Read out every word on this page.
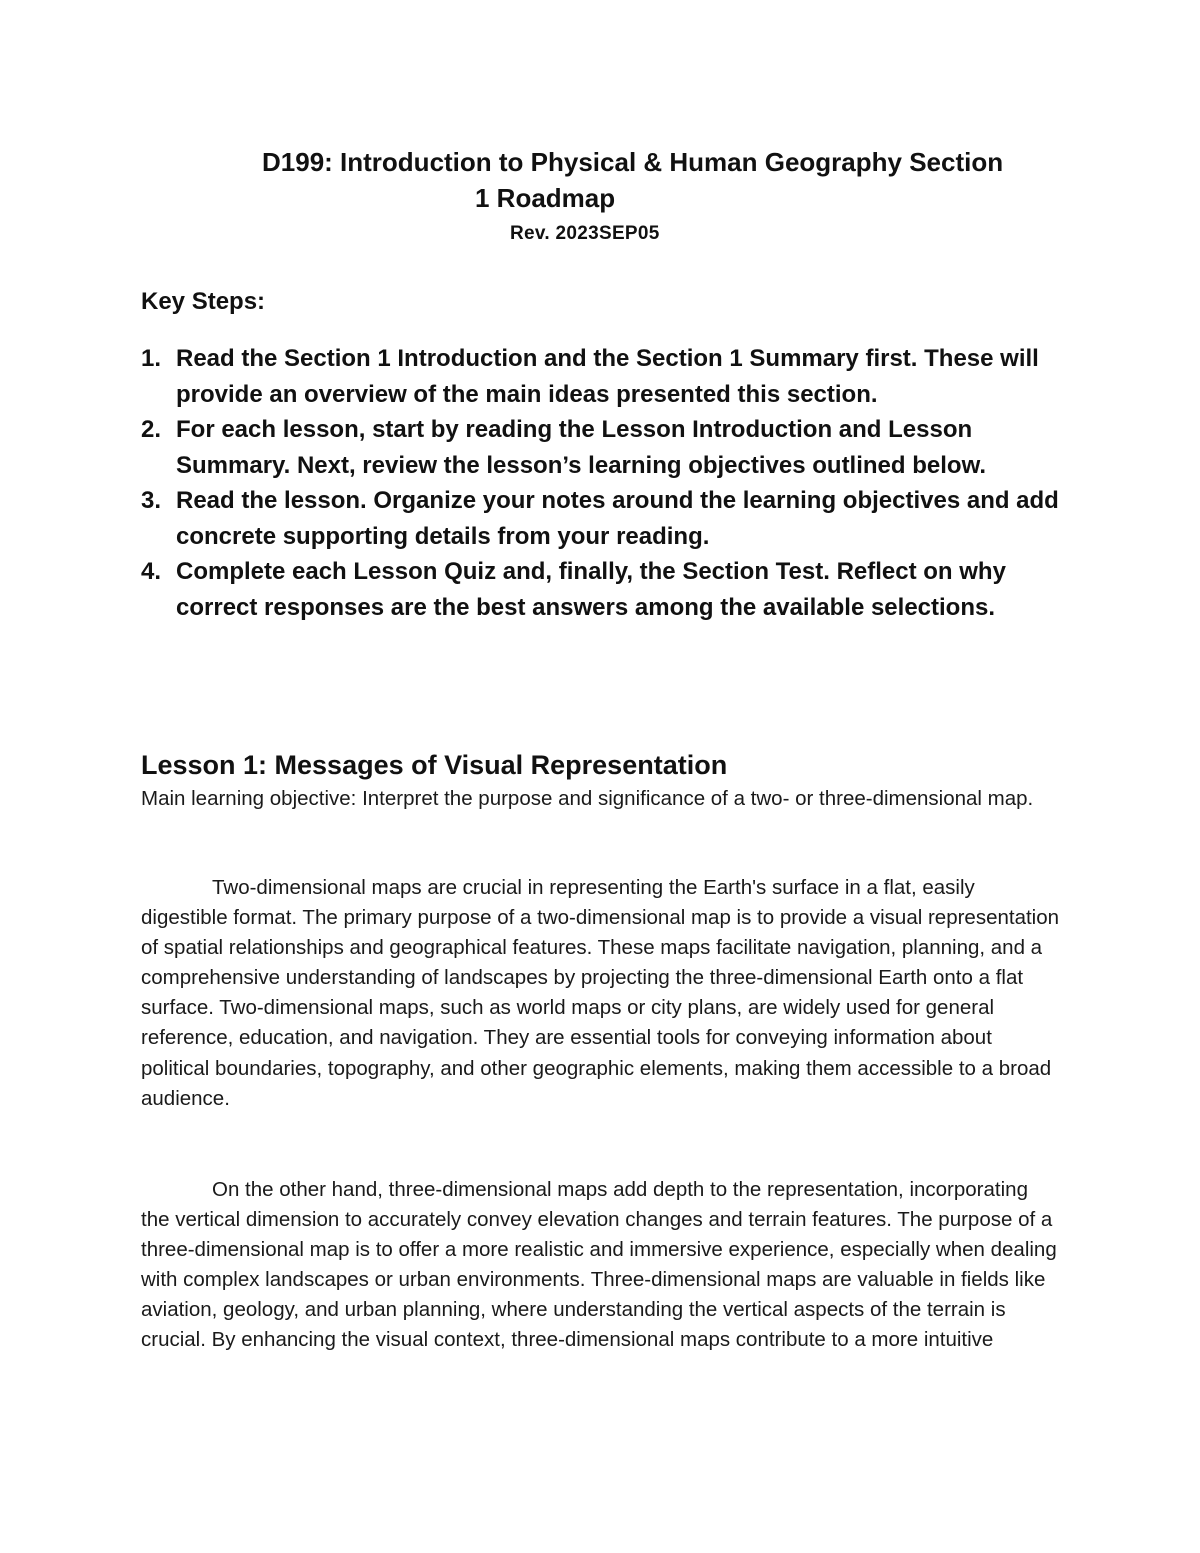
D199: Introduction to Physical & Human Geography Section
1 Roadmap
Rev. 2023SEP05
Key Steps:
1. Read the Section 1 Introduction and the Section 1 Summary first. These will provide an overview of the main ideas presented this section.
2. For each lesson, start by reading the Lesson Introduction and Lesson Summary. Next, review the lesson’s learning objectives outlined below.
3. Read the lesson. Organize your notes around the learning objectives and add concrete supporting details from your reading.
4. Complete each Lesson Quiz and, finally, the Section Test. Reflect on why correct responses are the best answers among the available selections.
Lesson 1: Messages of Visual Representation
Main learning objective: Interpret the purpose and significance of a two- or three-dimensional map.

Two-dimensional maps are crucial in representing the Earth's surface in a flat, easily digestible format. The primary purpose of a two-dimensional map is to provide a visual representation of spatial relationships and geographical features. These maps facilitate navigation, planning, and a comprehensive understanding of landscapes by projecting the three-dimensional Earth onto a flat surface. Two-dimensional maps, such as world maps or city plans, are widely used for general reference, education, and navigation. They are essential tools for conveying information about political boundaries, topography, and other geographic elements, making them accessible to a broad audience.

On the other hand, three-dimensional maps add depth to the representation, incorporating the vertical dimension to accurately convey elevation changes and terrain features. The purpose of a three-dimensional map is to offer a more realistic and immersive experience, especially when dealing with complex landscapes or urban environments. Three-dimensional maps are valuable in fields like aviation, geology, and urban planning, where understanding the vertical aspects of the terrain is crucial. By enhancing the visual context, three-dimensional maps contribute to a more intuitive
